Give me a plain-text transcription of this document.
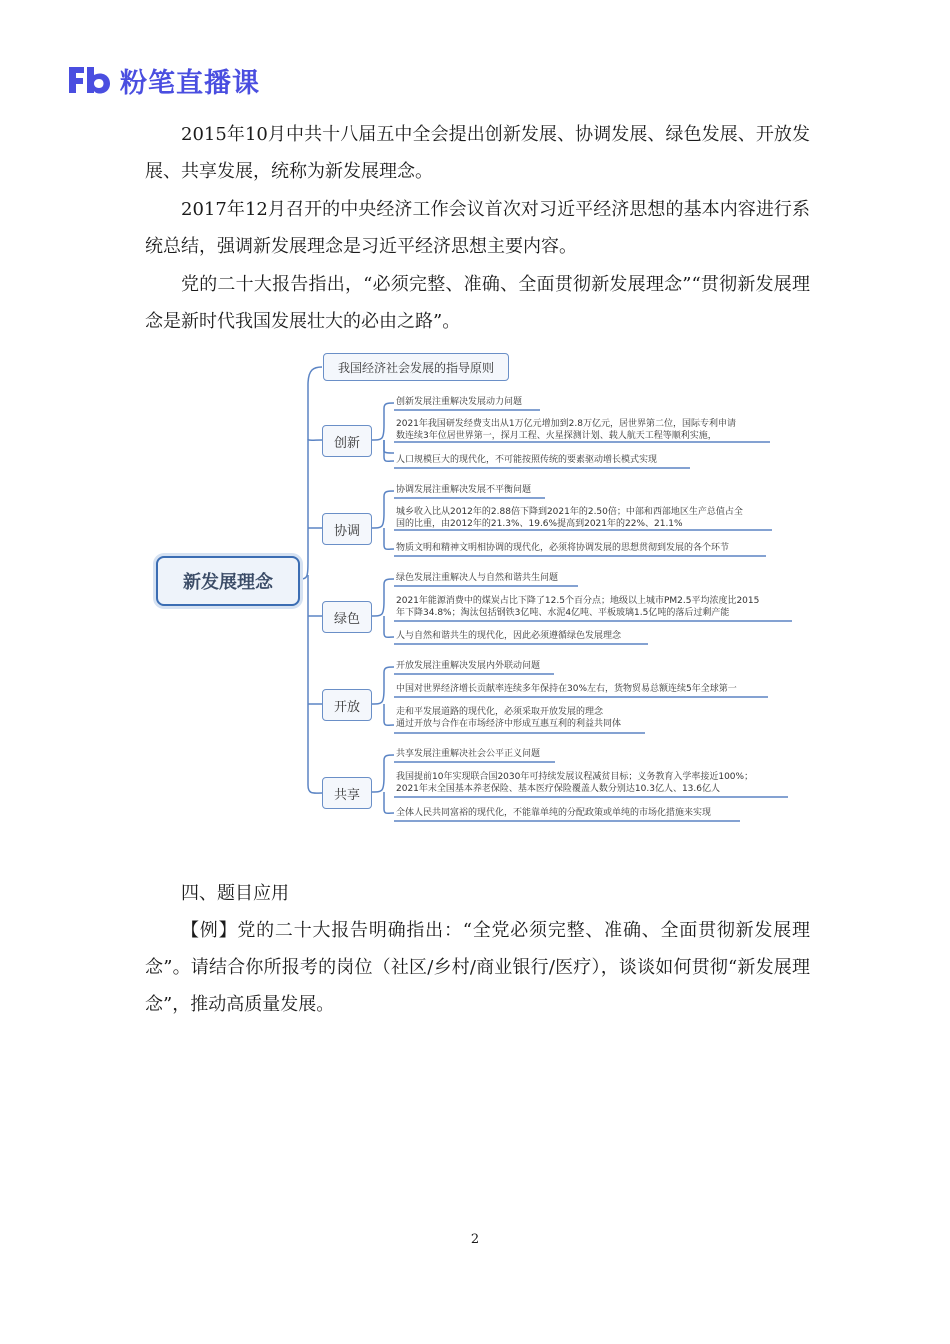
粉笔直播课

2015年10月中共十八届五中全会提出创新发展、协调发展、绿色发展、开放发展、共享发展，统称为新发展理念。

2017年12月召开的中央经济工作会议首次对习近平经济思想的基本内容进行系统总结，强调新发展理念是习近平经济思想主要内容。

党的二十大报告指出，“必须完整、准确、全面贯彻新发展理念”“贯彻新发展理念是新时代我国发展壮大的必由之路”。

新发展理念
我国经济社会发展的指导原则
创新
创新发展注重解决发展动力问题
2021年我国研发经费支出从1万亿元增加到2.8万亿元，居世界第二位，国际专利申请
数连续3年位居世界第一，探月工程、火星探测计划、载人航天工程等顺利实施，
人口规模巨大的现代化，不可能按照传统的要素驱动增长模式实现
协调
协调发展注重解决发展不平衡问题
城乡收入比从2012年的2.88倍下降到2021年的2.50倍；中部和西部地区生产总值占全
国的比重，由2012年的21.3%、19.6%提高到2021年的22%、21.1%
物质文明和精神文明相协调的现代化，必须将协调发展的思想贯彻到发展的各个环节
绿色
绿色发展注重解决人与自然和谐共生问题
2021年能源消费中的煤炭占比下降了12.5个百分点；地级以上城市PM2.5平均浓度比2015
年下降34.8%；淘汰包括钢铁3亿吨、水泥4亿吨、平板玻璃1.5亿吨的落后过剩产能
人与自然和谐共生的现代化，因此必须遵循绿色发展理念
开放
开放发展注重解决发展内外联动问题
中国对世界经济增长贡献率连续多年保持在30%左右，货物贸易总额连续5年全球第一
走和平发展道路的现代化，必须采取开放发展的理念
通过开放与合作在市场经济中形成互惠互利的利益共同体
共享
共享发展注重解决社会公平正义问题
我国提前10年实现联合国2030年可持续发展议程减贫目标；义务教育入学率接近100%；
2021年末全国基本养老保险、基本医疗保险覆盖人数分别达10.3亿人、13.6亿人
全体人民共同富裕的现代化，不能靠单纯的分配政策或单纯的市场化措施来实现

四、题目应用

【例】党的二十大报告明确指出：“全党必须完整、准确、全面贯彻新发展理念”。请结合你所报考的岗位（社区/乡村/商业银行/医疗），谈谈如何贯彻“新发展理念”，推动高质量发展。

2
